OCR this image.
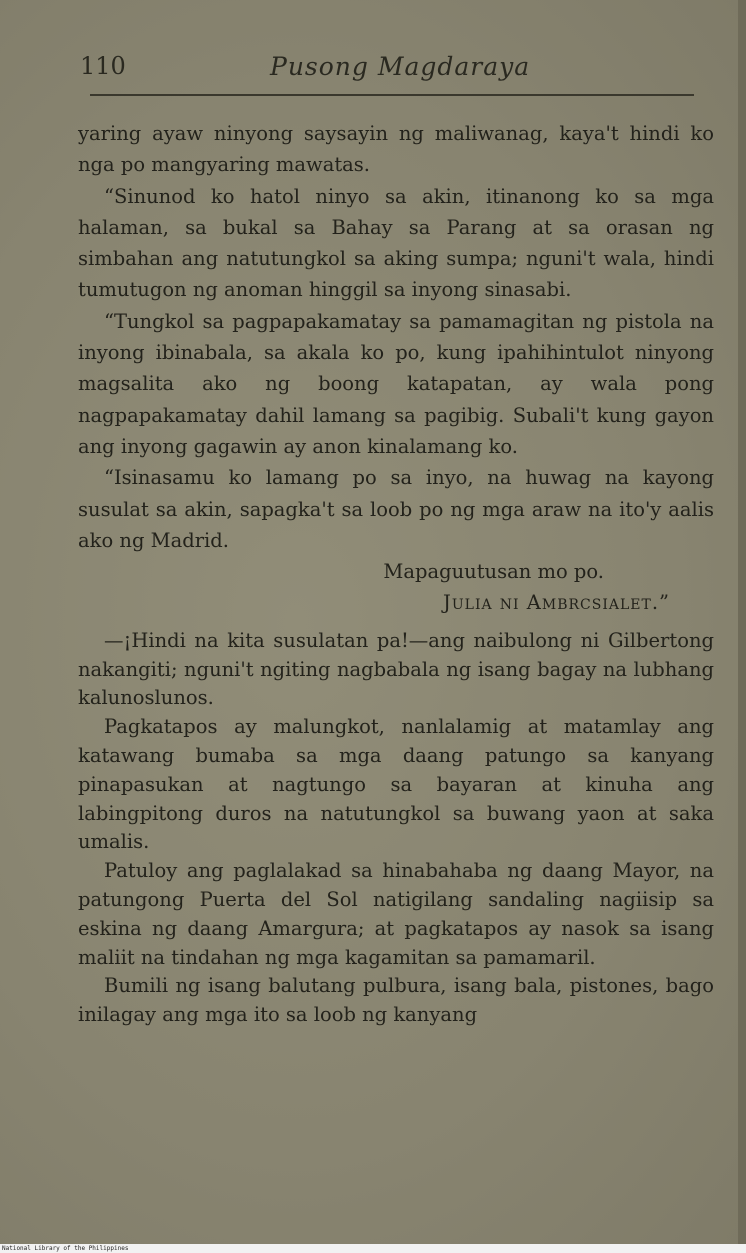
110	Pusong Magdaraya

yaring ayaw ninyong saysayin ng maliwanag, kaya't hindi ko nga po mangyaring mawatas.

“Sinunod ko hatol ninyo sa akin, itinanong ko sa mga halaman, sa bukal sa Bahay sa Parang at sa orasan ng simbahan ang natutungkol sa aking sumpa; nguni't wala, hindi tumutugon ng anoman hinggil sa inyong sinasabi.

“Tungkol sa pagpapakamatay sa pamamagitan ng pistola na inyong ibinabala, sa akala ko po, kung ipahihintulot ninyong magsalita ako ng boong katapatan, ay wala pong nagpapakamatay dahil lamang sa pagibig. Subali't kung gayon ang inyong gagawin ay anon kinalamang ko.

“Isinasamu ko lamang po sa inyo, na huwag na kayong susulat sa akin, sapagka't sa loob po ng mga araw na ito'y aalis ako ng Madrid.

Mapaguutusan mo po.

Julia ni Ambrcsialet.”

—¡Hindi na kita susulatan pa!—ang naibulong ni Gilbertong nakangiti; nguni't ngiting nagbabala ng isang bagay na lubhang kalunoslunos.

Pagkatapos ay malungkot, nanlalamig at matamlay ang katawang bumaba sa mga daang patungo sa kanyang pinapasukan at nagtungo sa bayaran at kinuha ang labingpitong duros na natutungkol sa buwang yaon at saka umalis.

Patuloy ang paglalakad sa hinabahaba ng daang Mayor, na patungong Puerta del Sol natigilang sandaling nagiisip sa eskina ng daang Amargura; at pagkatapos ay nasok sa isang maliit na tindahan ng mga kagamitan sa pamamaril.

Bumili ng isang balutang pulbura, isang bala, pistones, bago inilagay ang mga ito sa loob ng kanyang

National Library of the Philippines
